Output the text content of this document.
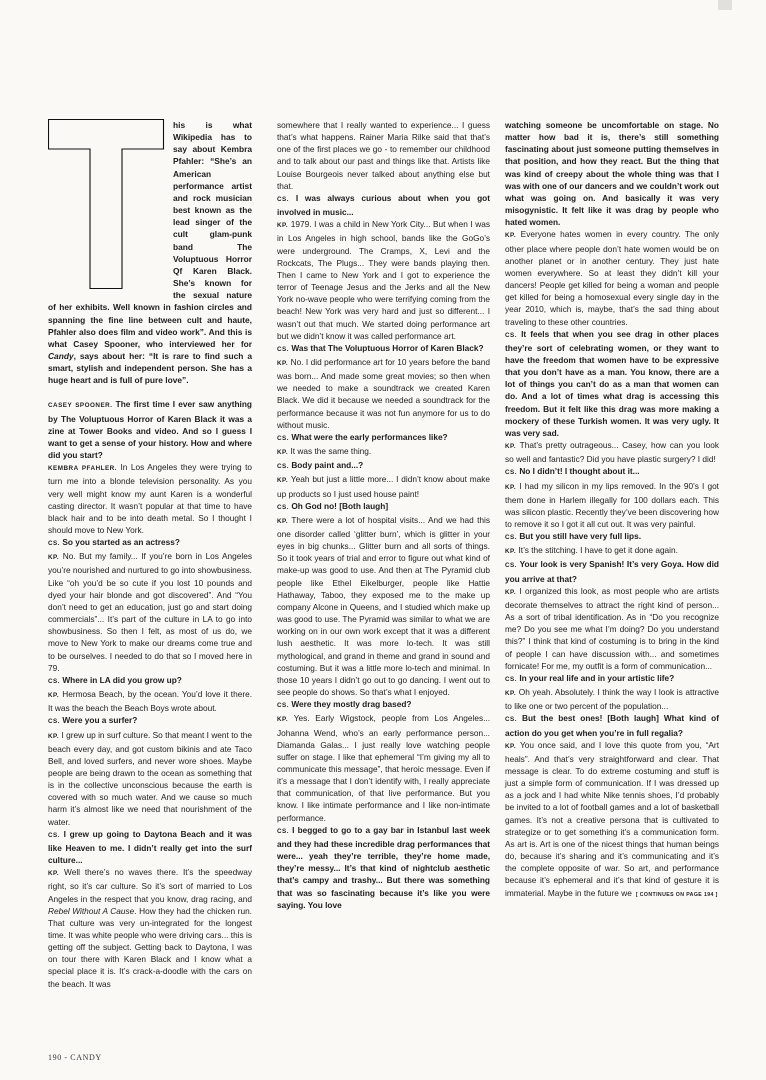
his is what Wikipedia has to say about Kembra Pfahler: “She’s an American performance artist and rock musician best known as the lead singer of the cult glam-punk band The Voluptuous Horror Qf Karen Black. She’s known for the sexual nature of her exhibits. Well known in fashion circles and spanning the fine line between cult and haute, Pfahler also does film and video work”. And this is what Casey Spooner, who interviewed her for Candy, says about her: “It is rare to find such a smart, stylish and independent person. She has a huge heart and is full of pure love”.

CASEY SPOONER. The first time I ever saw anything by The Voluptuous Horror of Karen Black it was a zine at Tower Books and video. And so I guess I want to get a sense of your history. How and where did you start?

KEMBRA PFAHLER. In Los Angeles they were trying to turn me into a blonde television personality. As you very well might know my aunt Karen is a wonderful casting director. It wasn’t popular at that time to have black hair and to be into death metal. So I thought I should move to New York.

CS. So you started as an actress?

KP. No. But my family... If you’re born in Los Angeles you’re nourished and nurtured to go into showbusiness. Like “oh you’d be so cute if you lost 10 pounds and dyed your hair blonde and got discovered”. And “You don’t need to get an education, just go and start doing commercials”... It’s part of the culture in LA to go into showbusiness. So then I felt, as most of us do, we move to New York to make our dreams come true and to be ourselves. I needed to do that so I moved here in 79.

CS. Where in LA did you grow up?

KP. Hermosa Beach, by the ocean. You’d love it there. It was the beach the Beach Boys wrote about.

CS. Were you a surfer?

KP. I grew up in surf culture. So that meant I went to the beach every day, and got custom bikinis and ate Taco Bell, and loved surfers, and never wore shoes. Maybe people are being drawn to the ocean as something that is in the collective unconscious because the earth is covered with so much water. And we cause so much harm it’s almost like we need that nourishment of the water.

CS. I grew up going to Daytona Beach and it was like Heaven to me. I didn’t really get into the surf culture...

KP. Well there’s no waves there. It’s the speedway right, so it’s car culture. So it’s sort of married to Los Angeles in the respect that you know, drag racing, and Rebel Without A Cause. How they had the chicken run. That culture was very un-integrated for the longest time. It was white people who were driving cars... this is getting off the subject. Getting back to Daytona, I was on tour there with Karen Black and I know what a special place it is. It’s crack-a-doodle with the cars on the beach. It was

somewhere that I really wanted to experience... I guess that’s what happens. Rainer Maria Rilke said that that’s one of the first places we go - to remember our childhood and to talk about our past and things like that. Artists like Louise Bourgeois never talked about anything else but that.

CS. I was always curious about when you got involved in music...

KP. 1979. I was a child in New York City... But when I was in Los Angeles in high school, bands like the GoGo’s were underground. The Cramps, X, Levi and the Rockcats, The Plugs... They were bands playing then. Then I came to New York and I got to experience the terror of Teenage Jesus and the Jerks and all the New York no-wave people who were terrifying coming from the beach! New York was very hard and just so different... I wasn’t out that much. We started doing performance art but we didn’t know it was called performance art.

CS. Was that The Voluptuous Horror of Karen Black?

KP. No. I did performance art for 10 years before the band was born... And made some great movies; so then when we needed to make a soundtrack we created Karen Black. We did it because we needed a soundtrack for the performance because it was not fun anymore for us to do without music.

CS. What were the early performances like?

KP. It was the same thing.

CS. Body paint and...?

KP. Yeah but just a little more... I didn’t know about make up products so I just used house paint!

CS. Oh God no! [Both laugh]

KP. There were a lot of hospital visits... And we had this one disorder called ‘glitter burn’, which is glitter in your eyes in big chunks... Glitter burn and all sorts of things. So it took years of trial and error to figure out what kind of make-up was good to use. And then at The Pyramid club people like Ethel Eikelburger, people like Hattie Hathaway, Taboo, they exposed me to the make up company Alcone in Queens, and I studied which make up was good to use. The Pyramid was similar to what we are working on in our own work except that it was a different lush aesthetic. It was more lo-tech. It was still mythological, and grand in theme and grand in sound and costuming. But it was a little more lo-tech and minimal. In those 10 years I didn’t go out to go dancing. I went out to see people do shows. So that’s what I enjoyed.

CS. Were they mostly drag based?

KP. Yes. Early Wigstock, people from Los Angeles... Johanna Wend, who’s an early performance person... Diamanda Galas... I just really love watching people suffer on stage. I like that ephemeral “I’m giving my all to communicate this message”, that heroic message. Even if it’s a message that I don’t identify with, I really appreciate that communication, of that live performance. But you know. I like intimate performance and I like non-intimate performance.

CS. I begged to go to a gay bar in Istanbul last week and they had these incredible drag performances that were... yeah they’re terrible, they’re home made, they’re messy... It’s that kind of nightclub aesthetic that’s campy and trashy... But there was something that was so fascinating because it’s like you were saying. You love

watching someone be uncomfortable on stage. No matter how bad it is, there’s still something fascinating about just someone putting themselves in that position, and how they react. But the thing that was kind of creepy about the whole thing was that I was with one of our dancers and we couldn’t work out what was going on. And basically it was very misogynistic. It felt like it was drag by people who hated women.

KP. Everyone hates women in every country. The only other place where people don’t hate women would be on another planet or in another century. They just hate women everywhere. So at least they didn’t kill your dancers! People get killed for being a woman and people get killed for being a homosexual every single day in the year 2010, which is, maybe, that’s the sad thing about traveling to these other countries.

CS. It feels that when you see drag in other places they’re sort of celebrating women, or they want to have the freedom that women have to be expressive that you don’t have as a man. You know, there are a lot of things you can’t do as a man that women can do. And a lot of times what drag is accessing this freedom. But it felt like this drag was more making a mockery of these Turkish women. It was very ugly. It was very sad.

KP. That’s pretty outrageous... Casey, how can you look so well and fantastic? Did you have plastic surgery? I did!

CS. No I didn’t! I thought about it...

KP. I had my silicon in my lips removed. In the 90’s I got them done in Harlem illegally for 100 dollars each. This was silicon plastic. Recently they’ve been discovering how to remove it so I got it all cut out. It was very painful.

CS. But you still have very full lips.

KP. It’s the stitching. I have to get it done again.

CS. Your look is very Spanish! It’s very Goya. How did you arrive at that?

KP. I organized this look, as most people who are artists decorate themselves to attract the right kind of person... As a sort of tribal identification. As in “Do you recognize me? Do you see me what I’m doing? Do you understand this?” I think that kind of costuming is to bring in the kind of people I can have discussion with... and sometimes fornicate! For me, my outfit is a form of communication...

CS. In your real life and in your artistic life?

KP. Oh yeah. Absolutely. I think the way I look is attractive to like one or two percent of the population...

CS. But the best ones! [Both laugh] What kind of action do you get when you’re in full regalia?

KP. You once said, and I love this quote from you, “Art heals”. And that’s very straightforward and clear. That message is clear. To do extreme costuming and stuff is just a simple form of communication. If I was dressed up as a jock and I had white Nike tennis shoes, I’d probably be invited to a lot of football games and a lot of basketball games. It’s not a creative persona that is cultivated to strategize or to get something it’s a communication form. As art is. Art is one of the nicest things that human beings do, because it’s sharing and it’s communicating and it’s the complete opposite of war. So art, and performance because it’s ephemeral and it’s that kind of gesture it is immaterial. Maybe in the future we [ CONTINUES ON PAGE 194 ]

190 - CANDY
